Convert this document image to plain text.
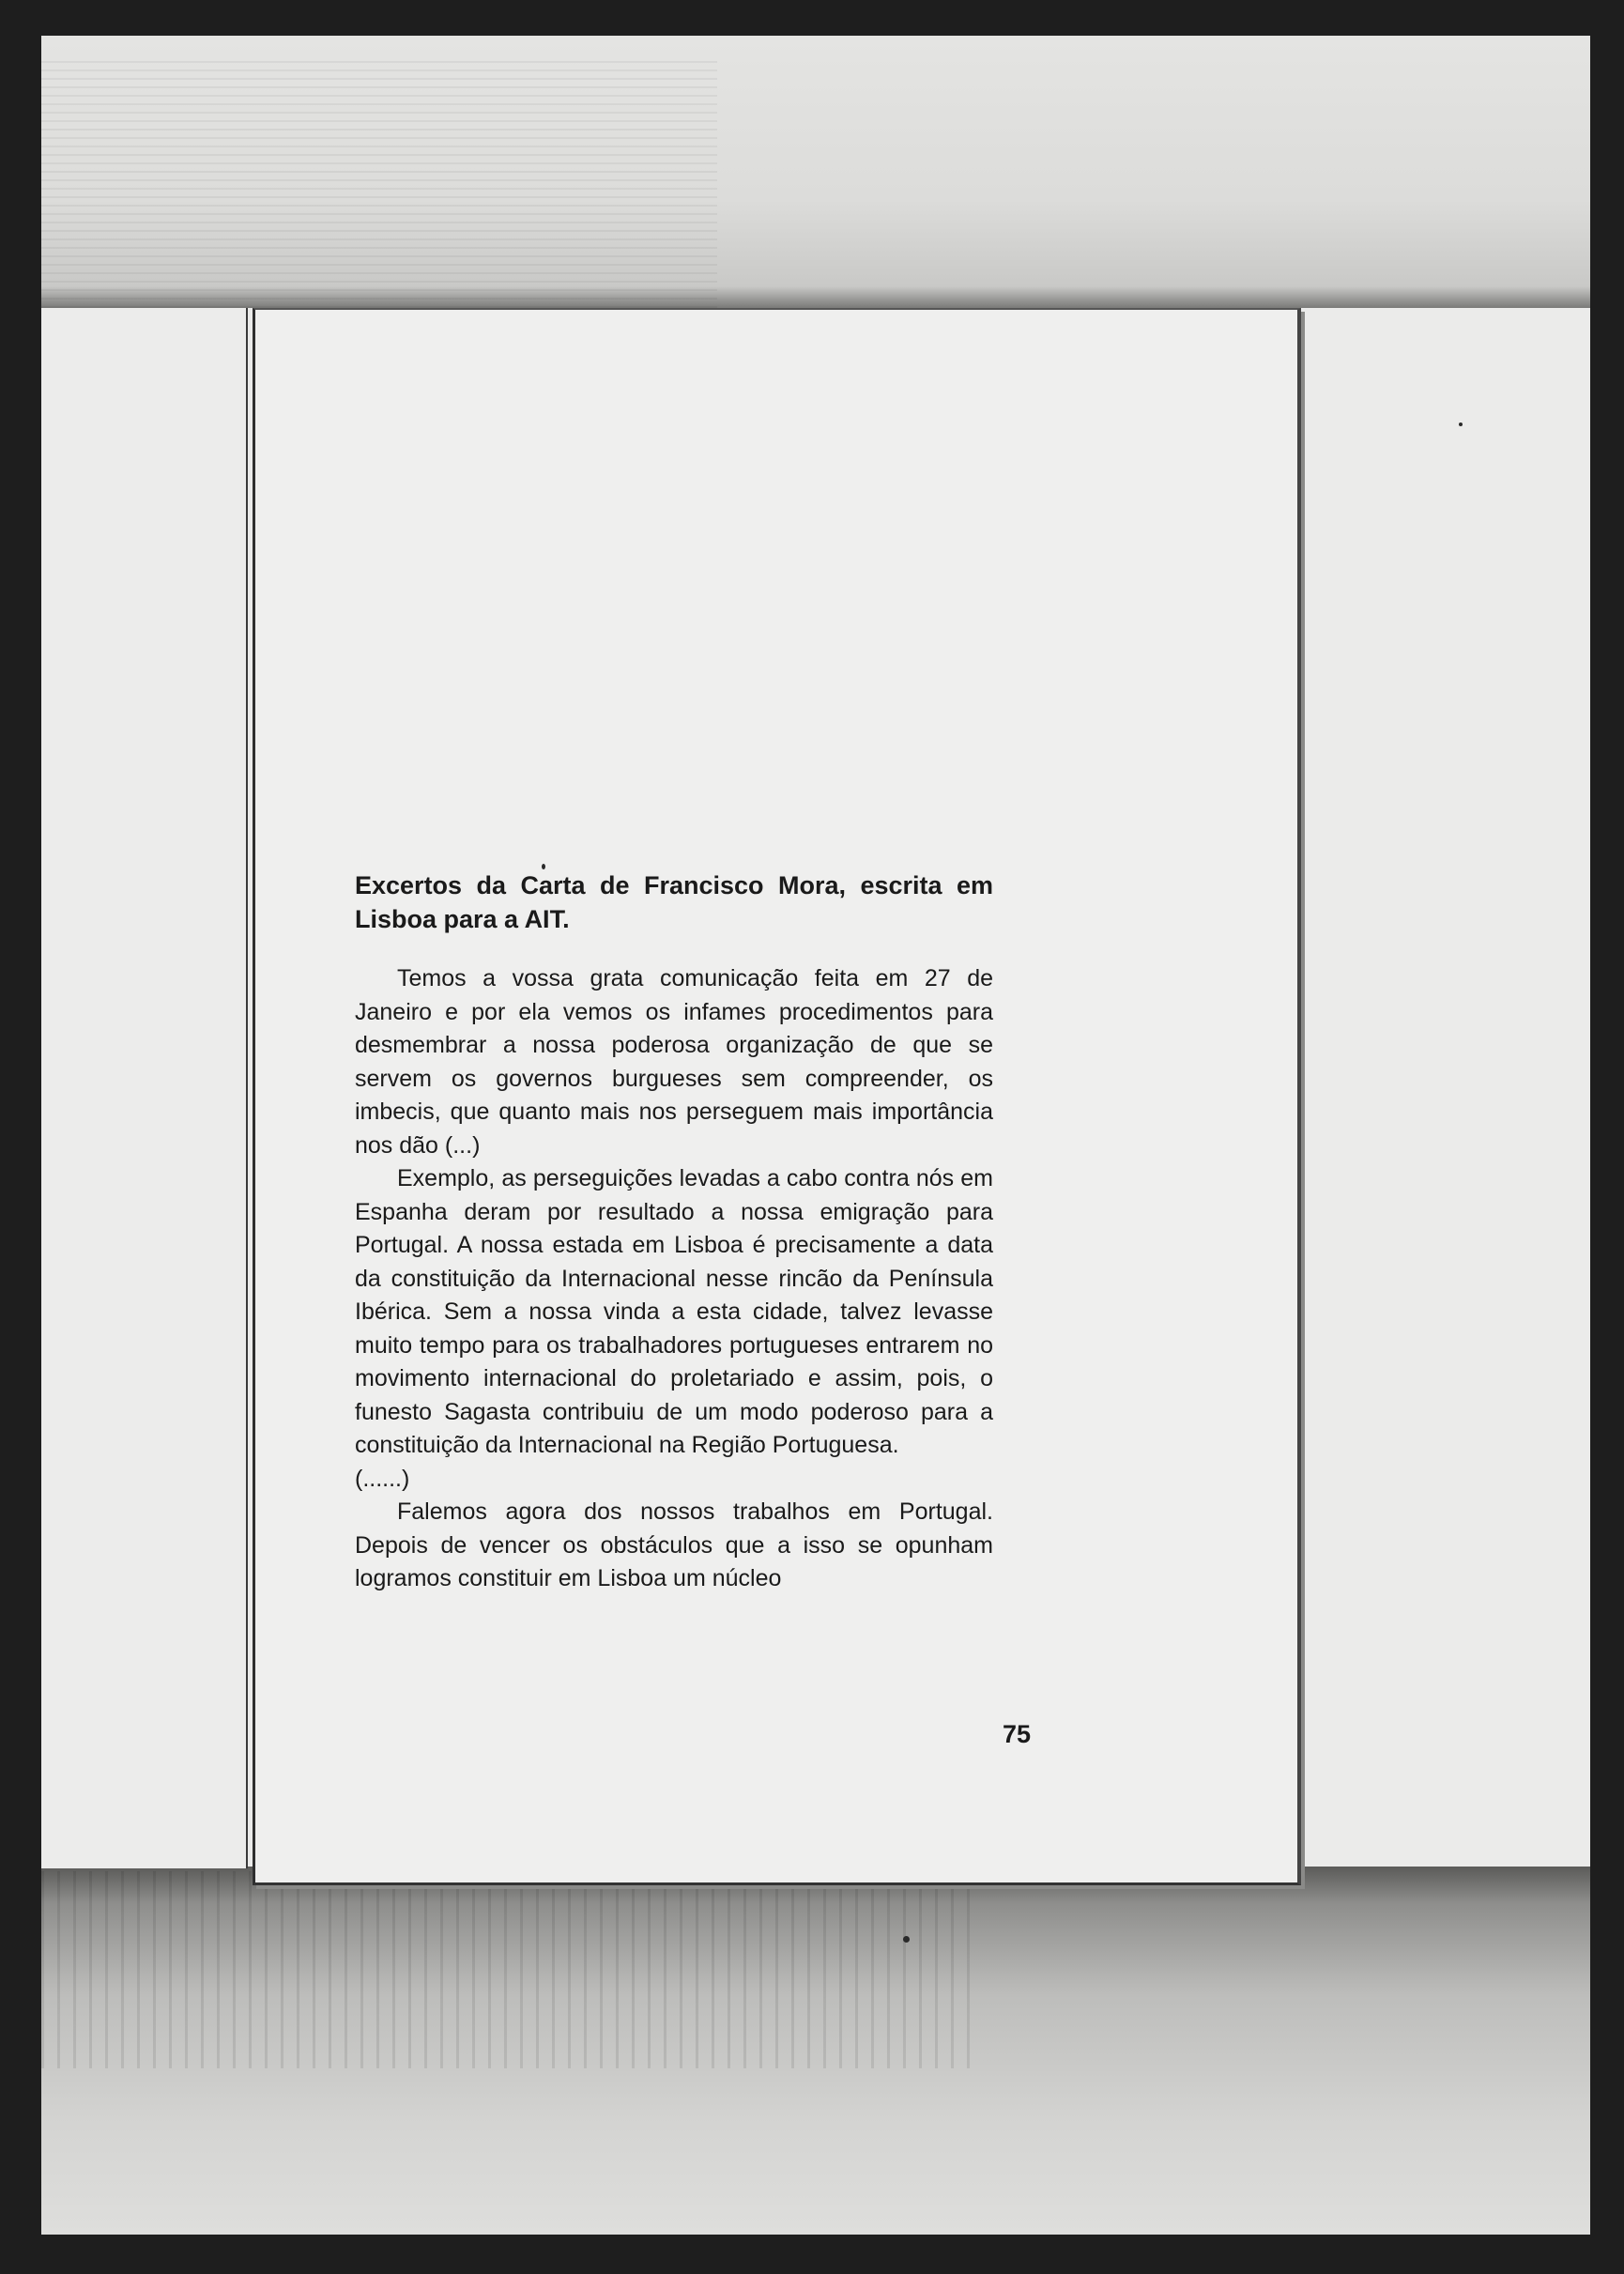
Excertos da Carta de Francisco Mora, escrita em Lisboa para a AIT.

Temos a vossa grata comunicação feita em 27 de Janeiro e por ela vemos os infames procedimentos para desmembrar a nossa poderosa organização de que se servem os governos burgueses sem compreender, os imbecis, que quanto mais nos perseguem mais importância nos dão (...)

Exemplo, as perseguições levadas a cabo contra nós em Espanha deram por resultado a nossa emigração para Portugal. A nossa estada em Lisboa é precisamente a data da constituição da Internacional nesse rincão da Península Ibérica. Sem a nossa vinda a esta cidade, talvez levasse muito tempo para os trabalhadores portugueses entrarem no movimento internacional do proletariado e assim, pois, o funesto Sagasta contribuiu de um modo poderoso para a constituição da Internacional na Região Portuguesa.

(......)

Falemos agora dos nossos trabalhos em Portugal. Depois de vencer os obstáculos que a isso se opunham logramos constituir em Lisboa um núcleo

75
